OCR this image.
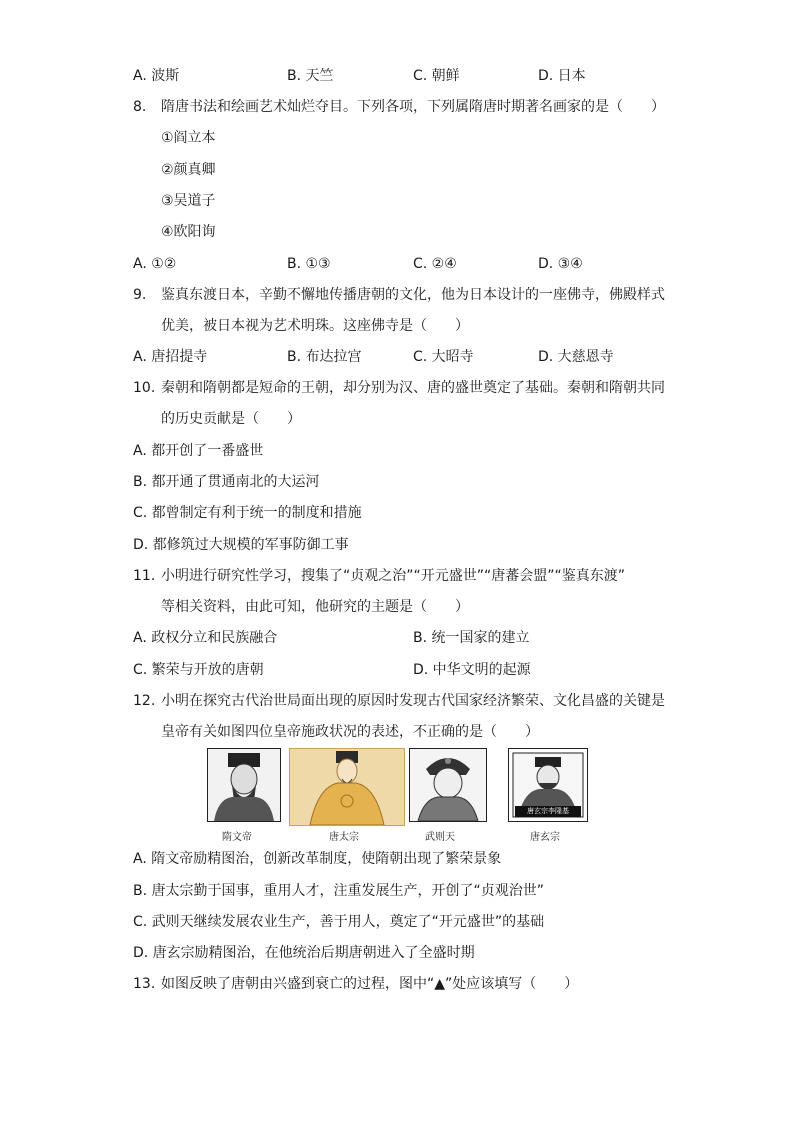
A. 波斯	B. 天竺	C. 朝鲜	D. 日本
8. 隋唐书法和绘画艺术灿烂夺目。下列各项，下列属隋唐时期著名画家的是（　　）
①阎立本
②颜真卿
③吴道子
④欧阳询
A. ①②	B. ①③	C. ②④	D. ③④
9. 鉴真东渡日本，辛勤不懈地传播唐朝的文化，他为日本设计的一座佛寺，佛殿样式
优美，被日本视为艺术明珠。这座佛寺是（　　）
A. 唐招提寺	B. 布达拉宫	C. 大昭寺	D. 大慈恩寺
10. 秦朝和隋朝都是短命的王朝，却分别为汉、唐的盛世奠定了基础。秦朝和隋朝共同
的历史贡献是（　　）
A. 都开创了一番盛世
B. 都开通了贯通南北的大运河
C. 都曾制定有利于统一的制度和措施
D. 都修筑过大规模的军事防御工事
11. 小明进行研究性学习，搜集了“贞观之治”“开元盛世”“唐蕃会盟”“鉴真东渡”
等相关资料，由此可知，他研究的主题是（　　）
A. 政权分立和民族融合	B. 统一国家的建立
C. 繁荣与开放的唐朝	D. 中华文明的起源
12. 小明在探究古代治世局面出现的原因时发现古代国家经济繁荣、文化昌盛的关键是
皇帝有关如图四位皇帝施政状况的表述，不正确的是（　　）
隋文帝	唐太宗	武则天
唐玄宗李隆基
唐玄宗
A. 隋文帝励精图治，创新改革制度，使隋朝出现了繁荣景象
B. 唐太宗勤于国事，重用人才，注重发展生产，开创了“贞观治世”
C. 武则天继续发展农业生产，善于用人，奠定了“开元盛世”的基础
D. 唐玄宗励精图治，在他统治后期唐朝进入了全盛时期
13. 如图反映了唐朝由兴盛到衰亡的过程，图中“▲”处应该填写（　　）
